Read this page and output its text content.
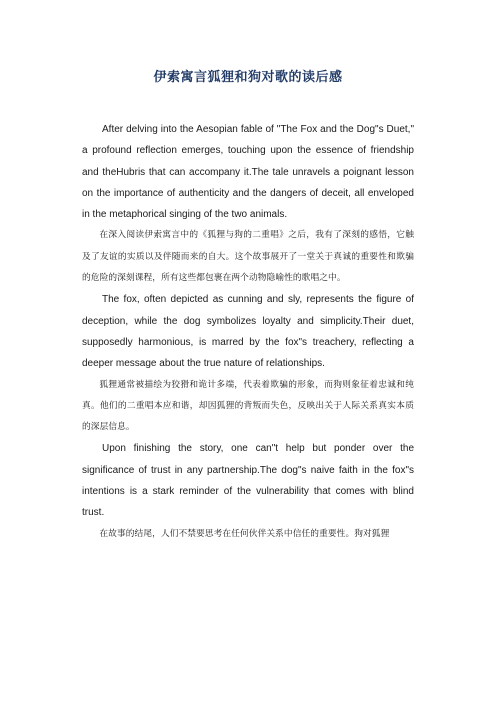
伊索寓言狐狸和狗对歌的读后感

After delving into the Aesopian fable of "The Fox and the Dog"s Duet," a profound reflection emerges, touching upon the essence of friendship and theHubris that can accompany it.The tale unravels a poignant lesson on the importance of authenticity and the dangers of deceit, all enveloped in the metaphorical singing of the two animals.

在深入阅读伊索寓言中的《狐狸与狗的二重唱》之后，我有了深刻的感悟，它触及了友谊的实质以及伴随而来的自大。这个故事展开了一堂关于真诚的重要性和欺骗的危险的深刻课程，所有这些都包裹在两个动物隐喻性的歌唱之中。

The fox, often depicted as cunning and sly, represents the figure of deception, while the dog symbolizes loyalty and simplicity.Their duet, supposedly harmonious, is marred by the fox"s treachery, reflecting a deeper message about the true nature of relationships.

狐狸通常被描绘为狡猾和诡计多端，代表着欺骗的形象，而狗则象征着忠诚和纯真。他们的二重唱本应和谐，却因狐狸的背叛而失色，反映出关于人际关系真实本质的深层信息。

Upon finishing the story, one can"t help but ponder over the significance of trust in any partnership.The dog"s naive faith in the fox"s intentions is a stark reminder of the vulnerability that comes with blind trust.

在故事的结尾，人们不禁要思考在任何伙伴关系中信任的重要性。狗对狐狸
